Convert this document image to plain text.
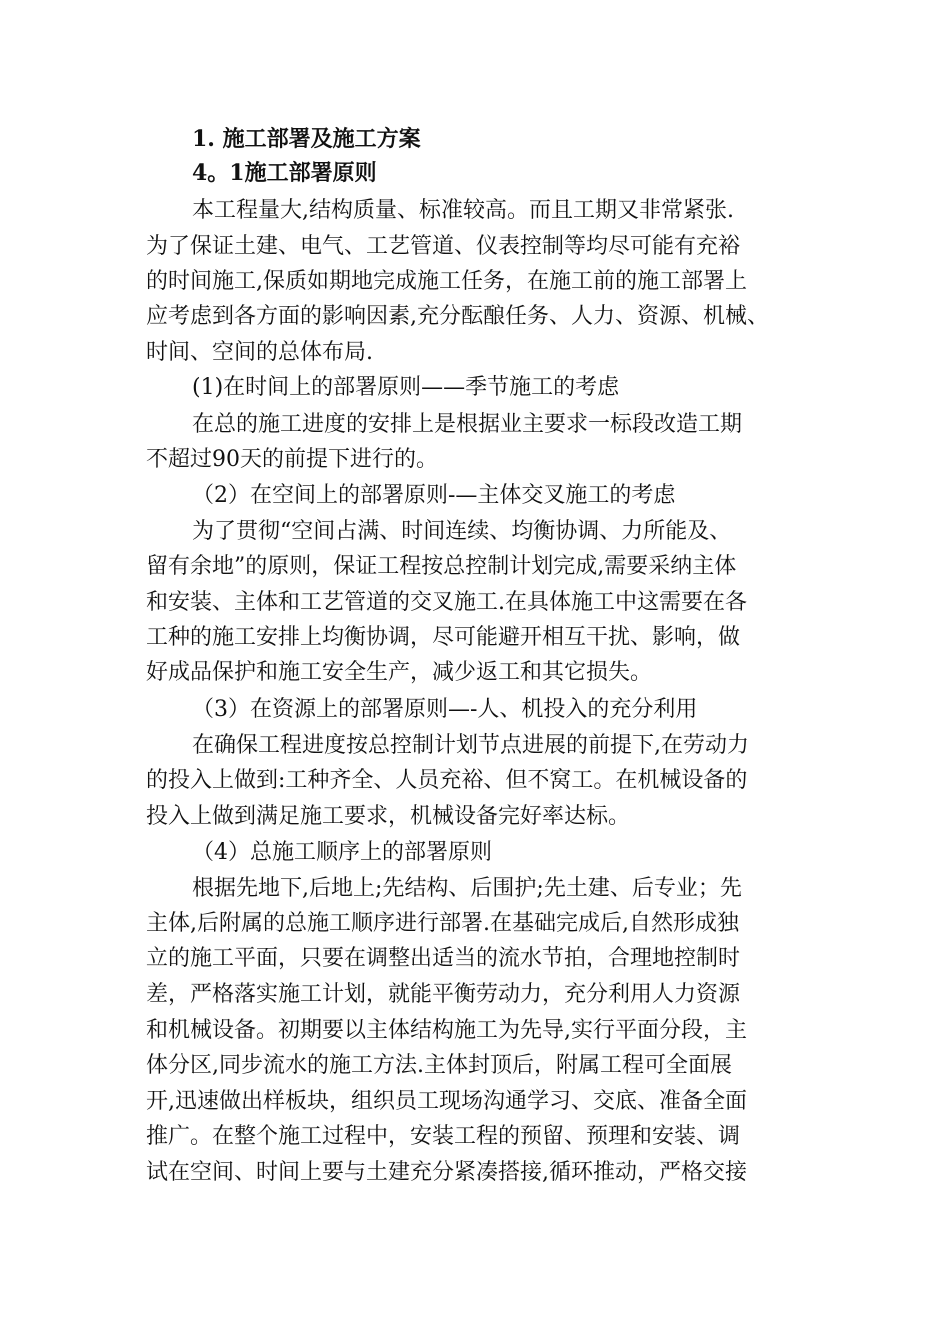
1. 施工部署及施工方案
4。1施工部署原则
本工程量大,结构质量、标准较高。而且工期又非常紧张.
为了保证土建、电气、工艺管道、仪表控制等均尽可能有充裕
的时间施工,保质如期地完成施工任务，在施工前的施工部署上
应考虑到各方面的影响因素,充分酝酿任务、人力、资源、机械、
时间、空间的总体布局.
(1)在时间上的部署原则——季节施工的考虑
在总的施工进度的安排上是根据业主要求一标段改造工期
不超过90天的前提下进行的。
（2）在空间上的部署原则-—主体交叉施工的考虑
为了贯彻“空间占满、时间连续、均衡协调、力所能及、
留有余地”的原则，保证工程按总控制计划完成,需要采纳主体
和安装、主体和工艺管道的交叉施工.在具体施工中这需要在各
工种的施工安排上均衡协调，尽可能避开相互干扰、影响，做
好成品保护和施工安全生产，减少返工和其它损失。
（3）在资源上的部署原则—-人、机投入的充分利用
在确保工程进度按总控制计划节点进展的前提下,在劳动力
的投入上做到:工种齐全、人员充裕、但不窝工。在机械设备的
投入上做到满足施工要求，机械设备完好率达标。
（4）总施工顺序上的部署原则
根据先地下,后地上;先结构、后围护;先土建、后专业；先
主体,后附属的总施工顺序进行部署.在基础完成后,自然形成独
立的施工平面，只要在调整出适当的流水节拍，合理地控制时
差，严格落实施工计划，就能平衡劳动力，充分利用人力资源
和机械设备。初期要以主体结构施工为先导,实行平面分段，主
体分区,同步流水的施工方法.主体封顶后，附属工程可全面展
开,迅速做出样板块，组织员工现场沟通学习、交底、准备全面
推广。在整个施工过程中，安装工程的预留、预理和安装、调
试在空间、时间上要与土建充分紧凑搭接,循环推动，严格交接
